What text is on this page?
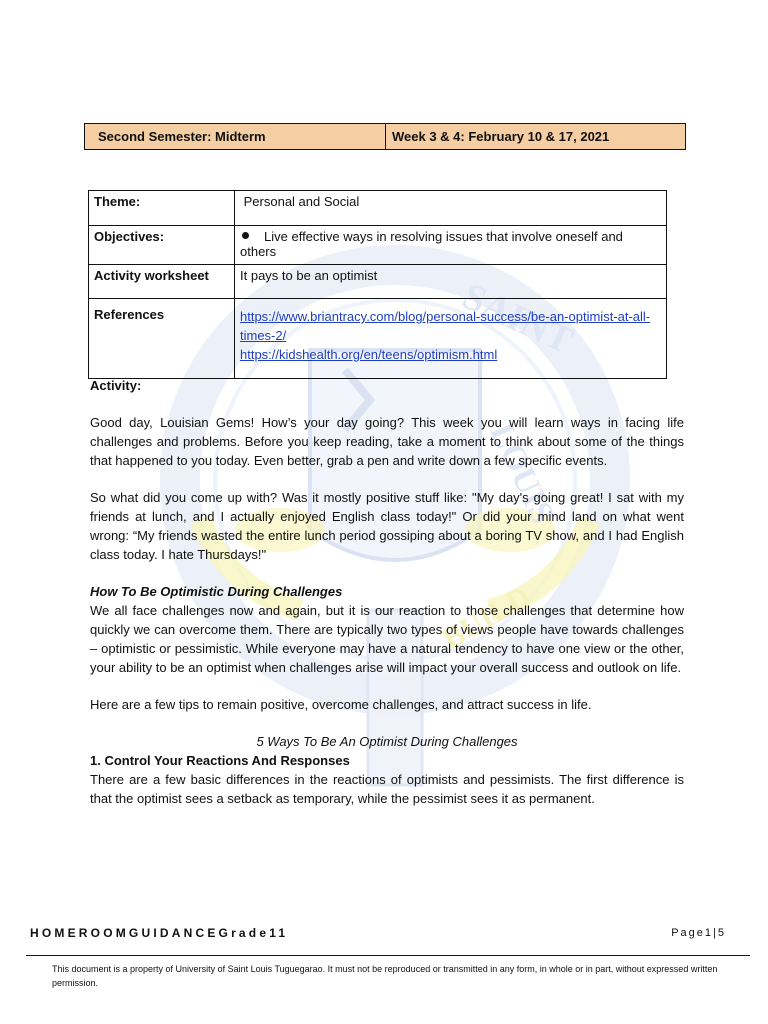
SAINT
LOUIS
BUILD
Second Semester: Midterm	Week 3 & 4: February 10 & 17, 2021
Theme:	Personal and Social
Objectives:	Live effective ways in resolving issues that involve oneself and others
Activity worksheet	It pays to be an optimist
References	https://www.briantracy.com/blog/personal-success/be-an-optimist-at-all-times-2/
https://kidshealth.org/en/teens/optimism.html

Activity:

Good day, Louisian Gems! How’s your day going? This week you will learn ways in facing life challenges and problems. Before you keep reading, take a moment to think about some of the things that happened to you today. Even better, grab a pen and write down a few specific events.

So what did you come up with? Was it mostly positive stuff like: "My day's going great! I sat with my friends at lunch, and I actually enjoyed English class today!" Or did your mind land on what went wrong: “My friends wasted the entire lunch period gossiping about a boring TV show, and I had English class today. I hate Thursdays!"

How To Be Optimistic During Challenges

We all face challenges now and again, but it is our reaction to those challenges that determine how quickly we can overcome them. There are typically two types of views people have towards challenges – optimistic or pessimistic. While everyone may have a natural tendency to have one view or the other, your ability to be an optimist when challenges arise will impact your overall success and outlook on life.

Here are a few tips to remain positive, overcome challenges, and attract success in life.

5 Ways To Be An Optimist During Challenges

1. Control Your Reactions And Responses

There are a few basic differences in the reactions of optimists and pessimists. The first difference is that the optimist sees a setback as temporary, while the pessimist sees it as permanent.

HOMEROOMGUIDANCEGrade11	Page1|5
This document is a property of University of Saint Louis Tuguegarao. It must not be reproduced or transmitted in any form, in whole or in part, without expressed written permission.
